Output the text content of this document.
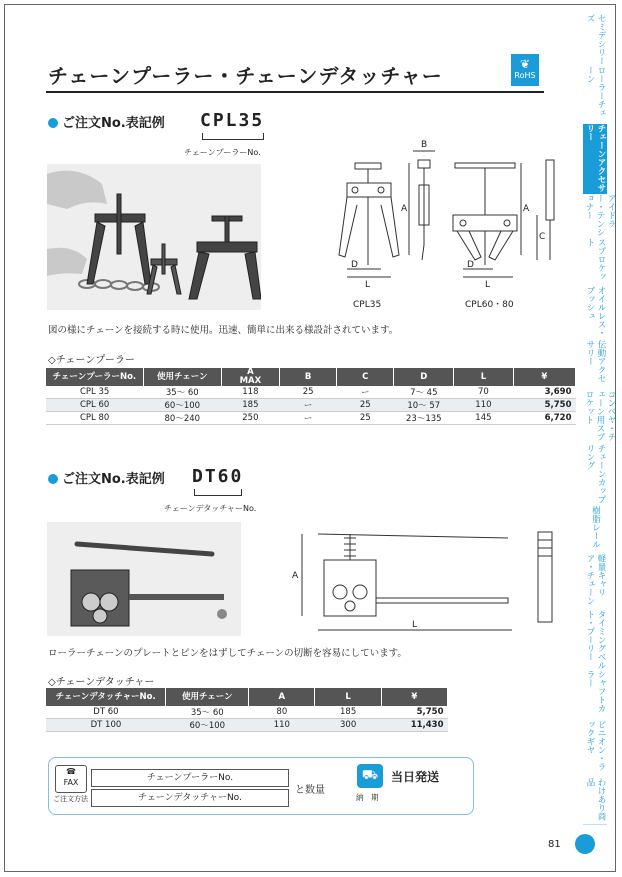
チェーンプーラー・チェーンデタッチャー	❦
RoHS
ご注文No.表記例 CPL35
チェーンプーラーNo.
B
A	A
C
D
L
D
L
CPL35	CPL60・80
図の様にチェーンを接続する時に使用。迅速、簡単に出来る様設計されています。
◇チェーンプーラー
チェーンプーラーNo.	使用チェーン	A
MAX	B	C	D	L	¥
CPL 35	35〜 60	118	25	ー	7〜 45	70	3,690
CPL 60	60〜100	185	ー	25	10〜 57	110	5,750
CPL 80	80〜240	250	ー	25	23〜135	145	6,720
ご注文No.表記例 DT60
チェーンデタッチャーNo.
A
L
ローラーチェーンのプレートとピンをはずしてチェーンの切断を容易にしています。
◇チェーンデタッチャー
チェーンデタッチャーNo.	使用チェーン	A	L	¥
DT 60	35〜 60	80	185	5,750
DT 100	60〜100	110	300	11,430
☎
FAX
ご注文方法
チェーンプーラーNo.
チェーンデタッチャーNo.
と数量
⛟
納　期
当日発送
81
セミデシリーズ
ローラーチェーン
チェーンアクセサリー
アイドラー・テンショナー
スプロケット
オイルレス・ブッシュ
伝動アクセサリー
コンベヤ・チェーン用スプロケット
チェーンカップリング
樹脂レール
軽量キャリア・チェーン
タイミングベルト・プーリー
シャフトカラー
ピニオン・ラックギヤ
わけあり商品
